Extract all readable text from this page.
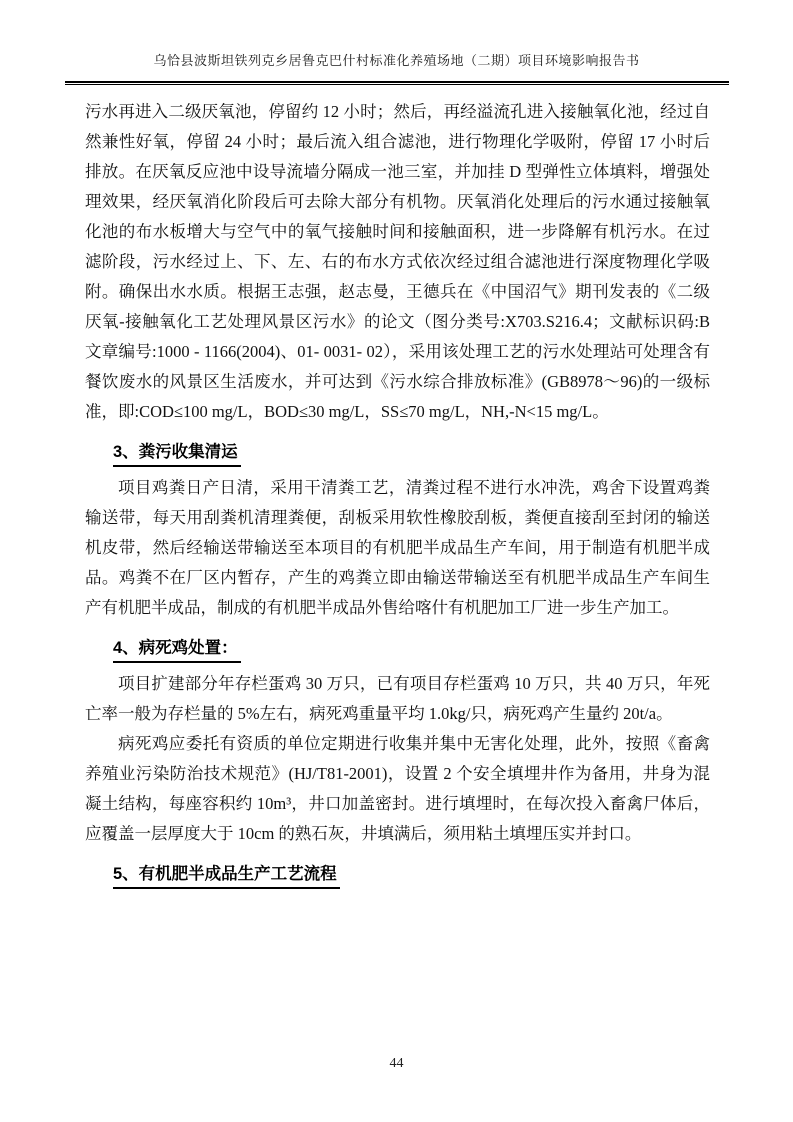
乌恰县波斯坦铁列克乡居鲁克巴什村标准化养殖场地（二期）项目环境影响报告书

污水再进入二级厌氧池，停留约 12 小时；然后，再经溢流孔进入接触氧化池，经过自然兼性好氧，停留 24 小时；最后流入组合滤池，进行物理化学吸附，停留 17 小时后排放。在厌氧反应池中设导流墙分隔成一池三室，并加挂 D 型弹性立体填料，增强处理效果，经厌氧消化阶段后可去除大部分有机物。厌氧消化处理后的污水通过接触氧化池的布水板增大与空气中的氧气接触时间和接触面积，进一步降解有机污水。在过滤阶段，污水经过上、下、左、右的布水方式依次经过组合滤池进行深度物理化学吸附。确保出水水质。根据王志强，赵志曼，王德兵在《中国沼气》期刊发表的《二级厌氧-接触氧化工艺处理风景区污水》的论文（图分类号:X703.S216.4；文献标识码:B 文章编号:1000 - 1166(2004)、01- 0031- 02），采用该处理工艺的污水处理站可处理含有餐饮废水的风景区生活废水，并可达到《污水综合排放标准》(GB8978～96)的一级标准，即:COD≤100 mg/L，BOD≤30 mg/L，SS≤70 mg/L，NH,-N<15 mg/L。

3、粪污收集清运

项目鸡粪日产日清，采用干清粪工艺，清粪过程不进行水冲洗，鸡舍下设置鸡粪输送带，每天用刮粪机清理粪便，刮板采用软性橡胶刮板，粪便直接刮至封闭的输送机皮带，然后经输送带输送至本项目的有机肥半成品生产车间，用于制造有机肥半成品。鸡粪不在厂区内暂存，产生的鸡粪立即由输送带输送至有机肥半成品生产车间生产有机肥半成品，制成的有机肥半成品外售给喀什有机肥加工厂进一步生产加工。

4、病死鸡处置：

项目扩建部分年存栏蛋鸡 30 万只，已有项目存栏蛋鸡 10 万只，共 40 万只，年死亡率一般为存栏量的 5%左右，病死鸡重量平均 1.0kg/只，病死鸡产生量约 20t/a。

病死鸡应委托有资质的单位定期进行收集并集中无害化处理，此外，按照《畜禽养殖业污染防治技术规范》(HJ/T81-2001)，设置 2 个安全填埋井作为备用，井身为混凝土结构，每座容积约 10m³，井口加盖密封。进行填埋时，在每次投入畜禽尸体后，应覆盖一层厚度大于 10cm 的熟石灰，井填满后，须用粘土填埋压实并封口。

5、有机肥半成品生产工艺流程
44
